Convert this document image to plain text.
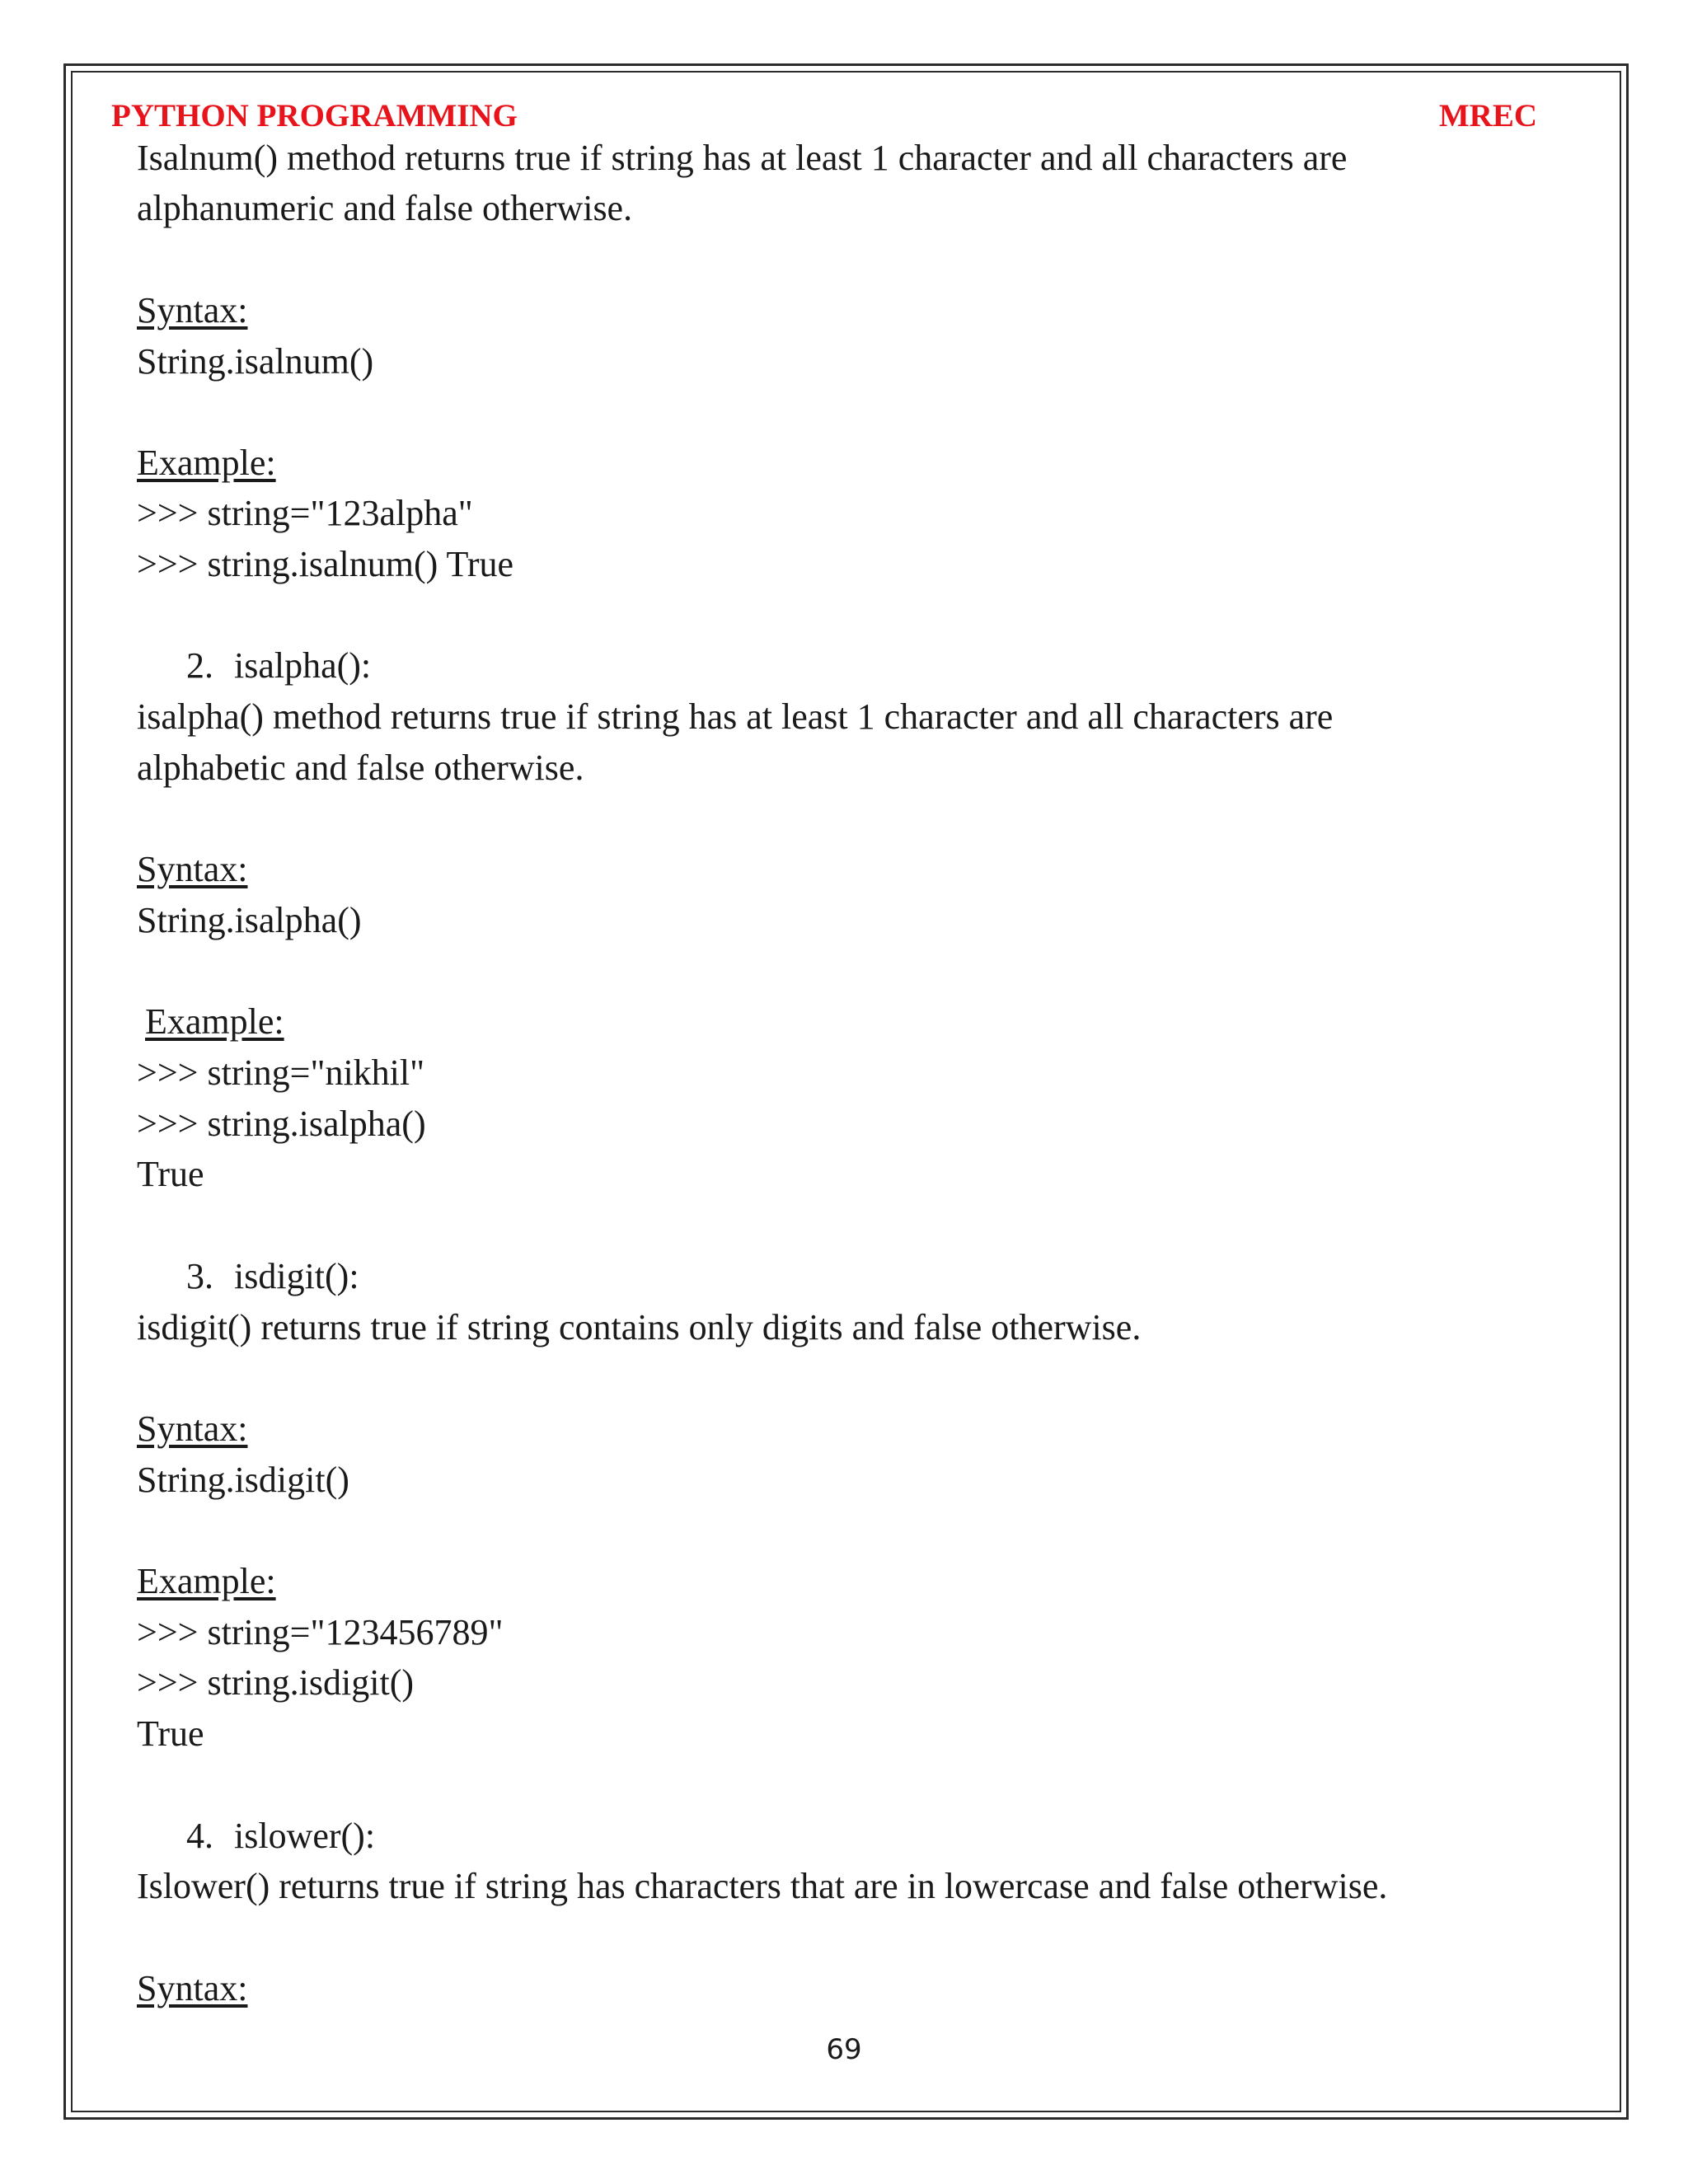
PYTHON PROGRAMMING	MREC
Isalnum() method returns true if string has at least 1 character and all characters are
alphanumeric and false otherwise.
Syntax:
String.isalnum()
Example:
>>> string="123alpha"
>>> string.isalnum() True
2. isalpha():
isalpha() method returns true if string has at least 1 character and all characters are
alphabetic and false otherwise.
Syntax:
String.isalpha()
Example:
>>> string="nikhil"
>>> string.isalpha()
True
3. isdigit():
isdigit() returns true if string contains only digits and false otherwise.
Syntax:
String.isdigit()
Example:
>>> string="123456789"
>>> string.isdigit()
True
4. islower():
Islower() returns true if string has characters that are in lowercase and false otherwise.
Syntax:
69
